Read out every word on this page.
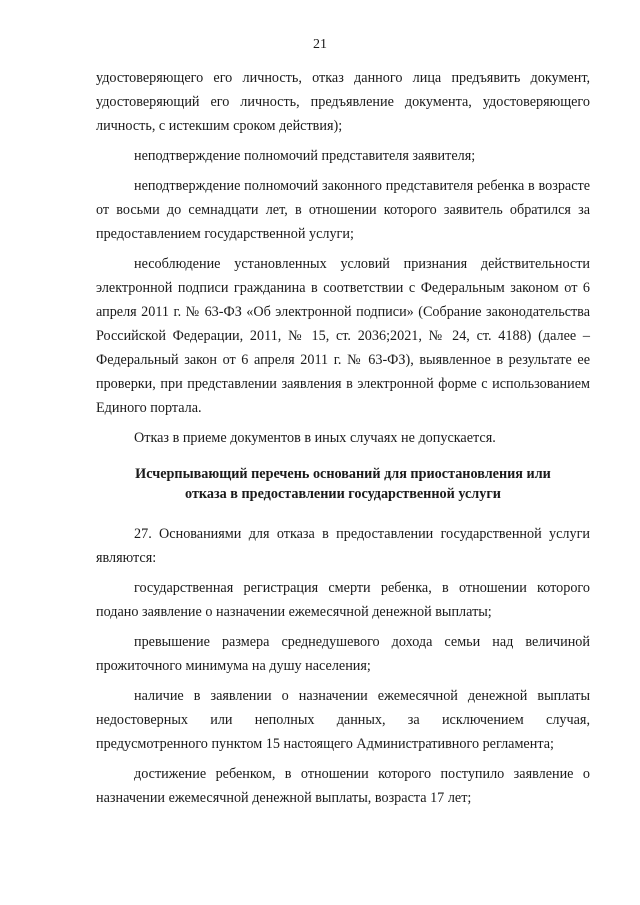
21

удостоверяющего его личность, отказ данного лица предъявить документ, удостоверяющий его личность, предъявление документа, удостоверяющего личность, с истекшим сроком действия);

неподтверждение полномочий представителя заявителя;

неподтверждение полномочий законного представителя ребенка в возрасте от восьми до семнадцати лет, в отношении которого заявитель обратился за предоставлением государственной услуги;

несоблюдение установленных условий признания действительности электронной подписи гражданина в соответствии с Федеральным законом от 6 апреля 2011 г. № 63-ФЗ «Об электронной подписи» (Собрание законодательства Российской Федерации, 2011, № 15, ст. 2036;2021, № 24, ст. 4188) (далее – Федеральный закон от 6 апреля 2011 г. № 63-ФЗ), выявленное в результате ее проверки, при представлении заявления в электронной форме с использованием Единого портала.

Отказ в приеме документов в иных случаях не допускается.

Исчерпывающий перечень оснований для приостановления или
отказа в предоставлении государственной услуги

27. Основаниями для отказа в предоставлении государственной услуги являются:

государственная регистрация смерти ребенка, в отношении которого подано заявление о назначении ежемесячной денежной выплаты;

превышение размера среднедушевого дохода семьи над величиной прожиточного минимума на душу населения;

наличие в заявлении о назначении ежемесячной денежной выплаты недостоверных или неполных данных, за исключением случая, предусмотренного пунктом 15 настоящего Административного регламента;

достижение ребенком, в отношении которого поступило заявление о назначении ежемесячной денежной выплаты, возраста 17 лет;
